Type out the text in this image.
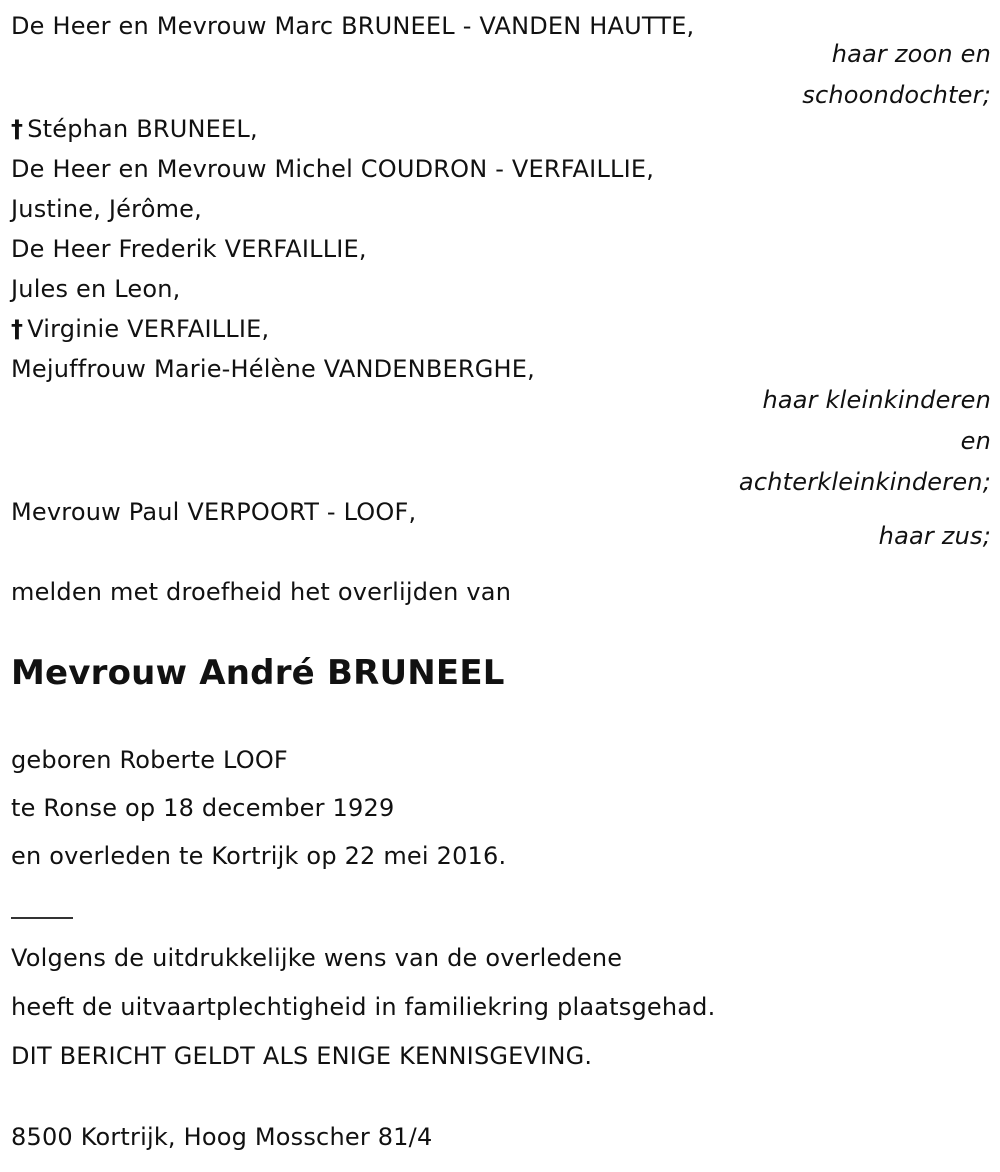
De Heer en Mevrouw Marc BRUNEEL - VANDEN HAUTTE,
haar zoon en
schoondochter;
† Stéphan BRUNEEL,
De Heer en Mevrouw Michel COUDRON - VERFAILLIE,
Justine, Jérôme,
De Heer Frederik VERFAILLIE,
Jules en Leon,
† Virginie VERFAILLIE,
Mejuffrouw Marie-Hélène VANDENBERGHE,
haar kleinkinderen
en
achterkleinkinderen;
Mevrouw Paul VERPOORT - LOOF,
haar zus;
melden met droefheid het overlijden van
Mevrouw André BRUNEEL
geboren Roberte LOOF
te Ronse op 18 december 1929
en overleden te Kortrijk op 22 mei 2016.
Volgens de uitdrukkelijke wens van de overledene
heeft de uitvaartplechtigheid in familiekring plaatsgehad.
DIT BERICHT GELDT ALS ENIGE KENNISGEVING.
8500 Kortrijk, Hoog Mosscher 81/4
